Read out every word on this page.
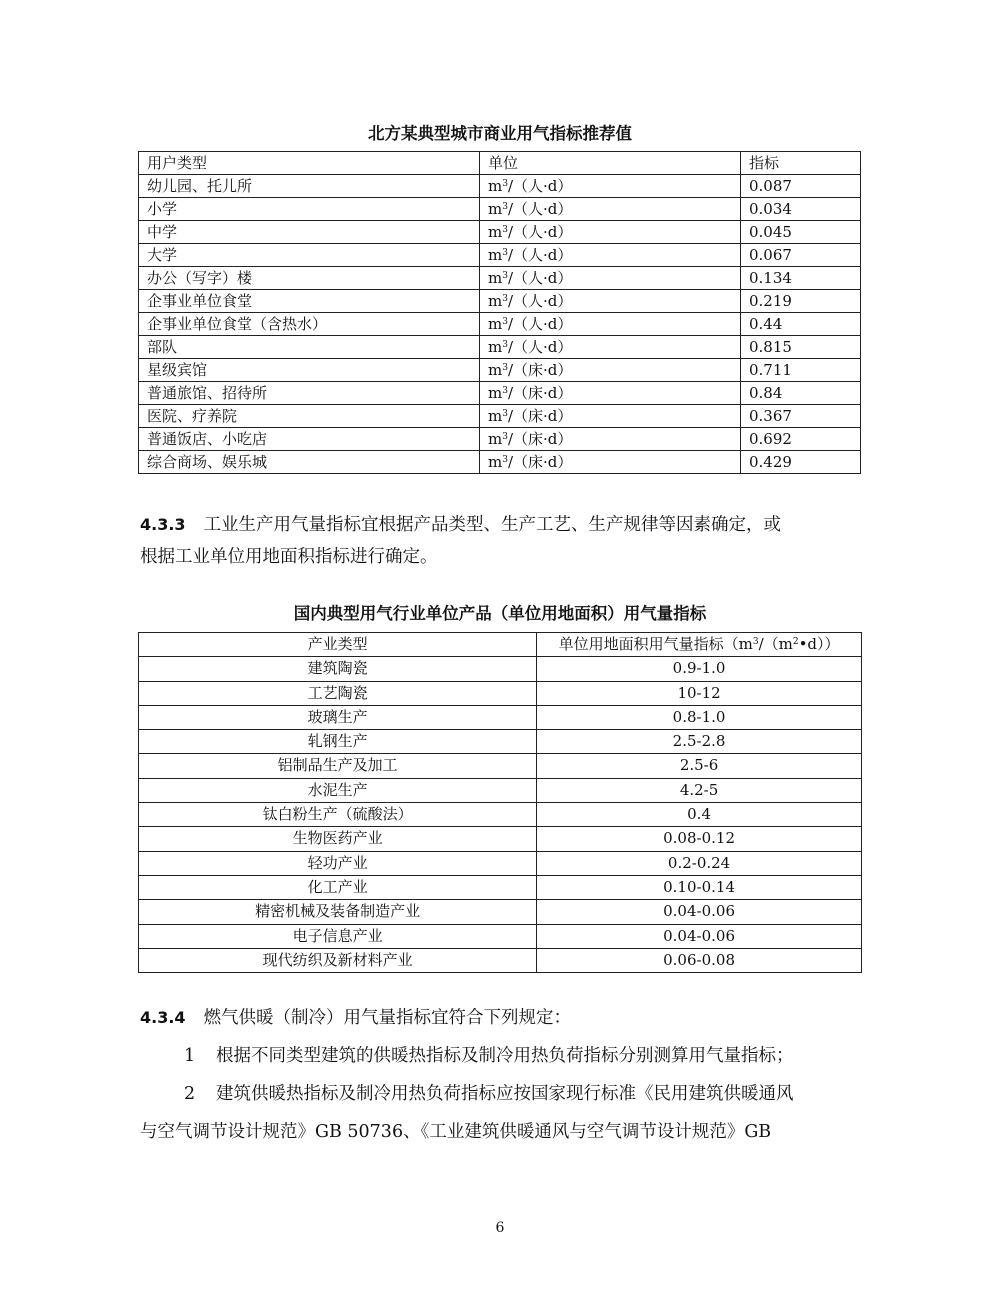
北方某典型城市商业用气指标推荐值
用户类型	单位	指标
幼儿园、托儿所	$m^3/$（人·d）	0.087
小学	$m^3/$（人·d）	0.034
中学	$m^3/$（人·d）	0.045
大学	$m^3/$（人·d）	0.067
办公（写字）楼	$m^3/$（人·d）	0.134
企事业单位食堂	$m^3/$（人·d）	0.219
企事业单位食堂（含热水）	$m^3/$（人·d）	0.44
部队	$m^3/$（人·d）	0.815
星级宾馆	$m^3/$（床·d）	0.711
普通旅馆、招待所	$m^3/$（床·d）	0.84
医院、疗养院	$m^3/$（床·d）	0.367
普通饭店、小吃店	$m^3/$（床·d）	0.692
综合商场、娱乐城	$m^3/$（床·d）	0.429
4.3.3 工业生产用气量指标宜根据产品类型、生产工艺、生产规律等因素确定，或
根据工业单位用地面积指标进行确定。
国内典型用气行业单位产品（单位用地面积）用气量指标
产业类型	单位用地面积用气量指标$(m^3/(m^2•d))$
建筑陶瓷	0.9-1.0
工艺陶瓷	10-12
玻璃生产	0.8-1.0
轧钢生产	2.5-2.8
铝制品生产及加工	2.5-6
水泥生产	4.2-5
钛白粉生产（硫酸法）	0.4
生物医药产业	0.08-0.12
轻功产业	0.2-0.24
化工产业	0.10-0.14
精密机械及装备制造产业	0.04-0.06
电子信息产业	0.04-0.06
现代纺织及新材料产业	0.06-0.08
4.3.4 燃气供暖（制冷）用气量指标宜符合下列规定：
1 根据不同类型建筑的供暖热指标及制冷用热负荷指标分别测算用气量指标；
2 建筑供暖热指标及制冷用热负荷指标应按国家现行标准《民用建筑供暖通风
与空气调节设计规范》GB 50736、《工业建筑供暖通风与空气调节设计规范》GB
6
